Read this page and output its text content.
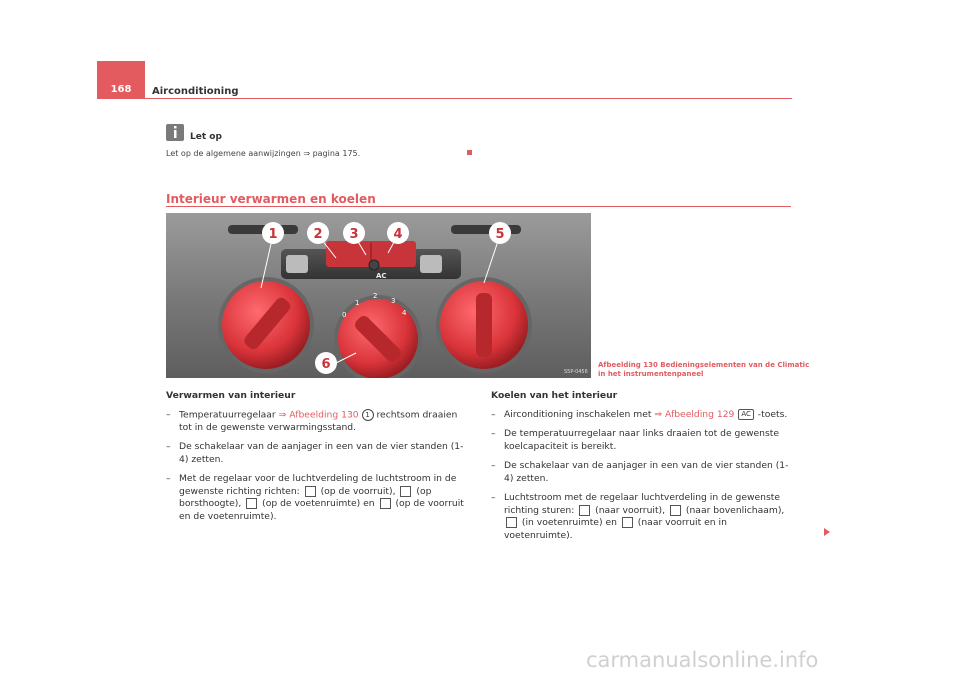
168	Airconditioning
Let op
Let op de algemene aanwijzingen ⇒ pagina 175.
Interieur verwarmen en koelen
AC
0
1
2
3
4
1	2 3	4	5
6	S5P-0456
Afbeelding 130 Bedieningselementen van de Climatic
in het instrumentenpaneel
Verwarmen van interieur
– Temperatuurregelaar ⇒ Afbeelding 130 1 rechtsom draaien tot in de gewenste verwarmingsstand.
– De schakelaar van de aanjager in een van de vier standen (1-4) zetten.
– Met de regelaar voor de luchtverdeling de luchtstroom in de gewenste richting richten:  (op de voorruit),  (op borsthoogte),  (op de voetenruimte) en  (op de voorruit en de voetenruimte).
Koelen van het interieur
– Airconditioning inschakelen met ⇒ Afbeelding 129 AC -toets.
– De temperatuurregelaar naar links draaien tot de gewenste koelcapaciteit is bereikt.
– De schakelaar van de aanjager in een van de vier standen (1-4) zetten.
– Luchtstroom met de regelaar luchtverdeling in de gewenste richting sturen:  (naar voorruit),  (naar bovenlichaam),  (in voetenruimte) en  (naar voorruit en in voetenruimte).
carmanualsonline.info
